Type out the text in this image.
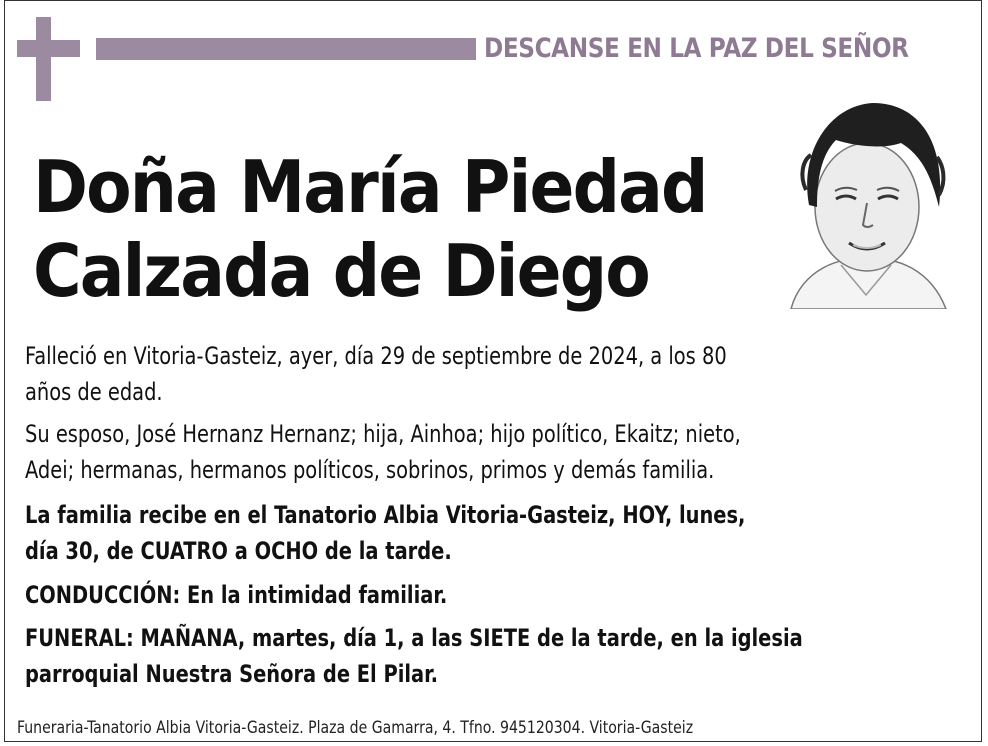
DESCANSE EN LA PAZ DEL SEÑOR
Doña María Piedad
Calzada de Diego
Falleció en Vitoria-Gasteiz, ayer, día 29 de septiembre de 2024, a los 80
años de edad.
Su esposo, José Hernanz Hernanz; hija, Ainhoa; hijo político, Ekaitz; nieto,
Adei; hermanas, hermanos políticos, sobrinos, primos y demás familia.
La familia recibe en el Tanatorio Albia Vitoria-Gasteiz, HOY, lunes,
día 30, de CUATRO a OCHO de la tarde.
CONDUCCIÓN: En la intimidad familiar.
FUNERAL: MAÑANA, martes, día 1, a las SIETE de la tarde, en la iglesia
parroquial Nuestra Señora de El Pilar.
Funeraria-Tanatorio Albia Vitoria-Gasteiz. Plaza de Gamarra, 4. Tfno. 945120304. Vitoria-Gasteiz
